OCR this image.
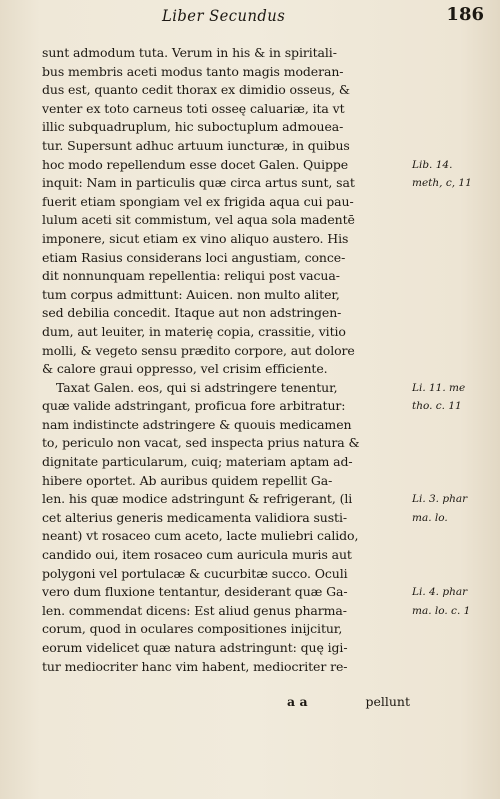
Liber Secundus	186
sunt admodum tuta. Verum in his & in spiritali-
bus membris aceti modus tanto magis moderan-
dus est, quanto cedit thorax ex dimidio osseus, &
venter ex toto carneus toti osseę caluariæ, ita vt
illic subquadruplum, hic suboctuplum admouea-
tur. Supersunt adhuc artuum iuncturæ, in quibus
hoc modo repellendum esse docet Galen. Quippe
inquit: Nam in particulis quæ circa artus sunt, sat
fuerit etiam spongiam vel ex frigida aqua cui pau-
lulum aceti sit commistum, vel aqua sola madentē
imponere, sicut etiam ex vino aliquo austero. His
etiam Rasius considerans loci angustiam, conce-
dit nonnunquam repellentia: reliqui post vacua-
tum corpus admittunt: Auicen. non multo aliter,
sed debilia concedit. Itaque aut non adstringen-
dum, aut leuiter, in materię copia, crassitie, vitio
molli, & vegeto sensu prædito corpore, aut dolore
& calore graui oppresso, vel crisim efficiente.
Taxat Galen. eos, qui si adstringere tenentur,
quæ valide adstringant, proficua fore arbitratur:
nam indistincte adstringere & quouis medicamen
to, periculo non vacat, sed inspecta prius natura &
dignitate particularum, cuiq; materiam aptam ad-
hibere oportet. Ab auribus quidem repellit Ga-
len. his quæ modice adstringunt & refrigerant, (li
cet alterius generis medicamenta validiora susti-
neant) vt rosaceo cum aceto, lacte muliebri calido,
candido oui, item rosaceo cum auricula muris aut
polygoni vel portulacæ & cucurbitæ succo. Oculi
vero dum fluxione tentantur, desiderant quæ Ga-
len. commendat dicens: Est aliud genus pharma-
corum, quod in oculares compositiones inijcitur,
eorum videlicet quæ natura adstringunt: quę igi-
tur mediocriter hanc vim habent, mediocriter re-
Lib. 14.
meth, c, 11
Li. 11. me
tho. c. 11
Li. 3. phar
ma. lo.
Li. 4. phar
ma. lo. c. 1
a a	pellunt
